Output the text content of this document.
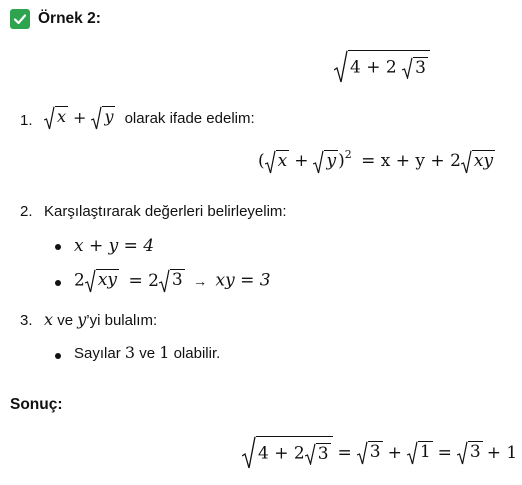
Örnek 2:
4 + 2 3
1. x + y olarak ifade edelim:
( x + y )$^2$ = x + y + 2 xy
2. Karşılaştırarak değerleri belirleyelim:
x + y = 4
2 xy = 2 3 → xy = 3
3. x ve y’yi bulalım:
Sayılar 3 ve 1 olabilir.
Sonuç:
4 + 2 3 = 3 + 1 = 3 + 1
